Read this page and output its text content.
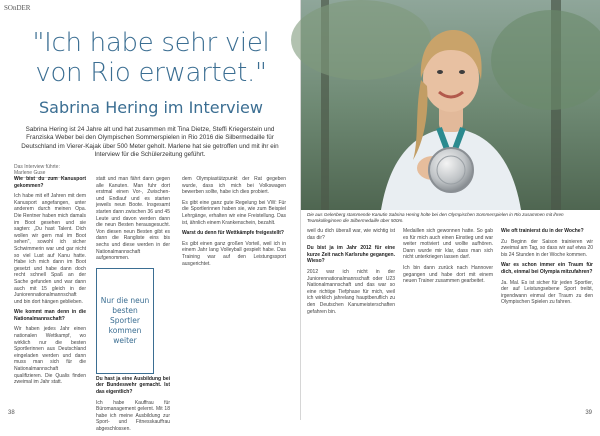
SOnDER
"Ich habe sehr viel von Rio erwartet."
Sabrina Hering im Interview
Sabrina Hering ist 24 Jahre alt und hat zusammen mit Tina Dietze, Steffi Kriegerstein und Franziska Weber bei den Olympischen Sommerspielen in Rio 2016 die Silbermedaille für Deutschland im Vierer-Kajak über 500 Meter geholt. Marlene hat sie getroffen und mit ihr ein Interview für die Schülerzeitung geführt.
Das Interview führte: Marlene Guse

Wie bist du zum Kanusport gekommen?

Ich habe mit elf Jahren mit dem Kanusport angefangen, unter anderem durch meinen Opa. Die Rentner haben mich damals im Boot gesehen und sie sagten: „Du hast Talent. Dich wollen wir gern mal im Boot sehen", sowohl ich sicher Schwimmerin war und gar nicht so viel Lust auf Kanu hatte. Habe ich mich dann im Boot gesetzt und habe dann doch recht schnell Spaß an der Sache gefunden und war dann auch mit 15 gleich in der Juniorennationalmannschaft und bin dort hängen geblieben.

Wie kommt man denn in die Nationalmannschaft?

Wir haben jedes Jahr einen nationalen Wettkampf, wo wirklich nur die besten Sportlerinnen aus Deutschland eingeladen werden und dann muss man sich für die Nationalmannschaft qualifizieren. Die Qualis finden zweimal im Jahr statt.

statt und man fährt dann gegen alle Kanuten. Man fuhr dort erstmal einen Vor-, Zwischen- und Endlauf und es starten jeweils neun Boote. Insgesamt starten dann zwischen 36 und 45 Leute und davon werden dann die neun Besten herausgesucht. Von diesen neun Besten gibt es dann die Rangliste eins bis sechs und diese werden in der Nationalmannschaft aufgenommen.

Du hast ja eine Ausbildung bei der Bundeswehr gemacht. Ist das eigentlich?

Ich habe Kauffrau für Büromanagement gelernt. Mit 18 habe ich meine Ausbildung zur Sport- und Fitnesskauffrau abgeschlossen.

dem Olympiastützpunkt der Rat gegeben wurde, dass ich mich bei Volkswagen bewerben sollte, habe ich dies probiert.

Es gibt eine ganz gute Regelung bei VW: Für die Sportlerinnen haben sie, wie zum Beispiel Lehrgänge, erhalten wir eine Freistellung. Das ist, ähnlich einem Krankenschein, bezahlt.

Warst du denn für Wettkämpfe freigestellt?

Es gibt einen ganz großen Vorteil, weil ich in einem Jahr lang Volleyball gespielt habe. Das Training war auf den Leistungssport ausgerichtet.

Nur die neun besten Sportler kommen weiter
38
Die aus Gelenberg stammende Kanutin Sabrina Hering holte bei den Olympischen Sommerspielen in Rio zusammen mit ihren Teamkolleginnen die Silbermedaille über 500m.

weil du dich überall war, wie wichtig ist das dir?

Du bist ja im Jahr 2012 für eine kurze Zeit nach Karlsruhe gegangen. Wieso?

2012 war ich nicht in der Juniorennationalmannschaft oder U23 Nationalmannschaft und das war so eine richtige Tiefphase für mich, weil ich wirklich jahrelang hauptberuflich zu den Deutschen Kanumeisterschaften gefahren bin.

Medaillen sich gewonnen hatte. So gab es für mich auch einen Einstieg und war weiter motiviert und wollte aufhören. Dann wurde mir klar, dass man sich nicht unterkriegen lassen darf.

Ich bin dann zurück nach Hannover gegangen und habe dort mit einem neuen Trainer zusammen gearbeitet.

Wie oft trainierst du in der Woche?

Zu Beginn der Saison trainieren wir zweimal am Tag, so dass wir auf etwa 20 bis 24 Stunden in der Woche kommen.

War es schon immer ein Traum für dich, einmal bei Olympia mitzufahren?

Ja. Mal. Es ist sicher für jeden Sportler, der auf Leistungsebene Sport treibt, irgendwann einmal der Traum zu den Olympischen Spielen zu fahren.

39
